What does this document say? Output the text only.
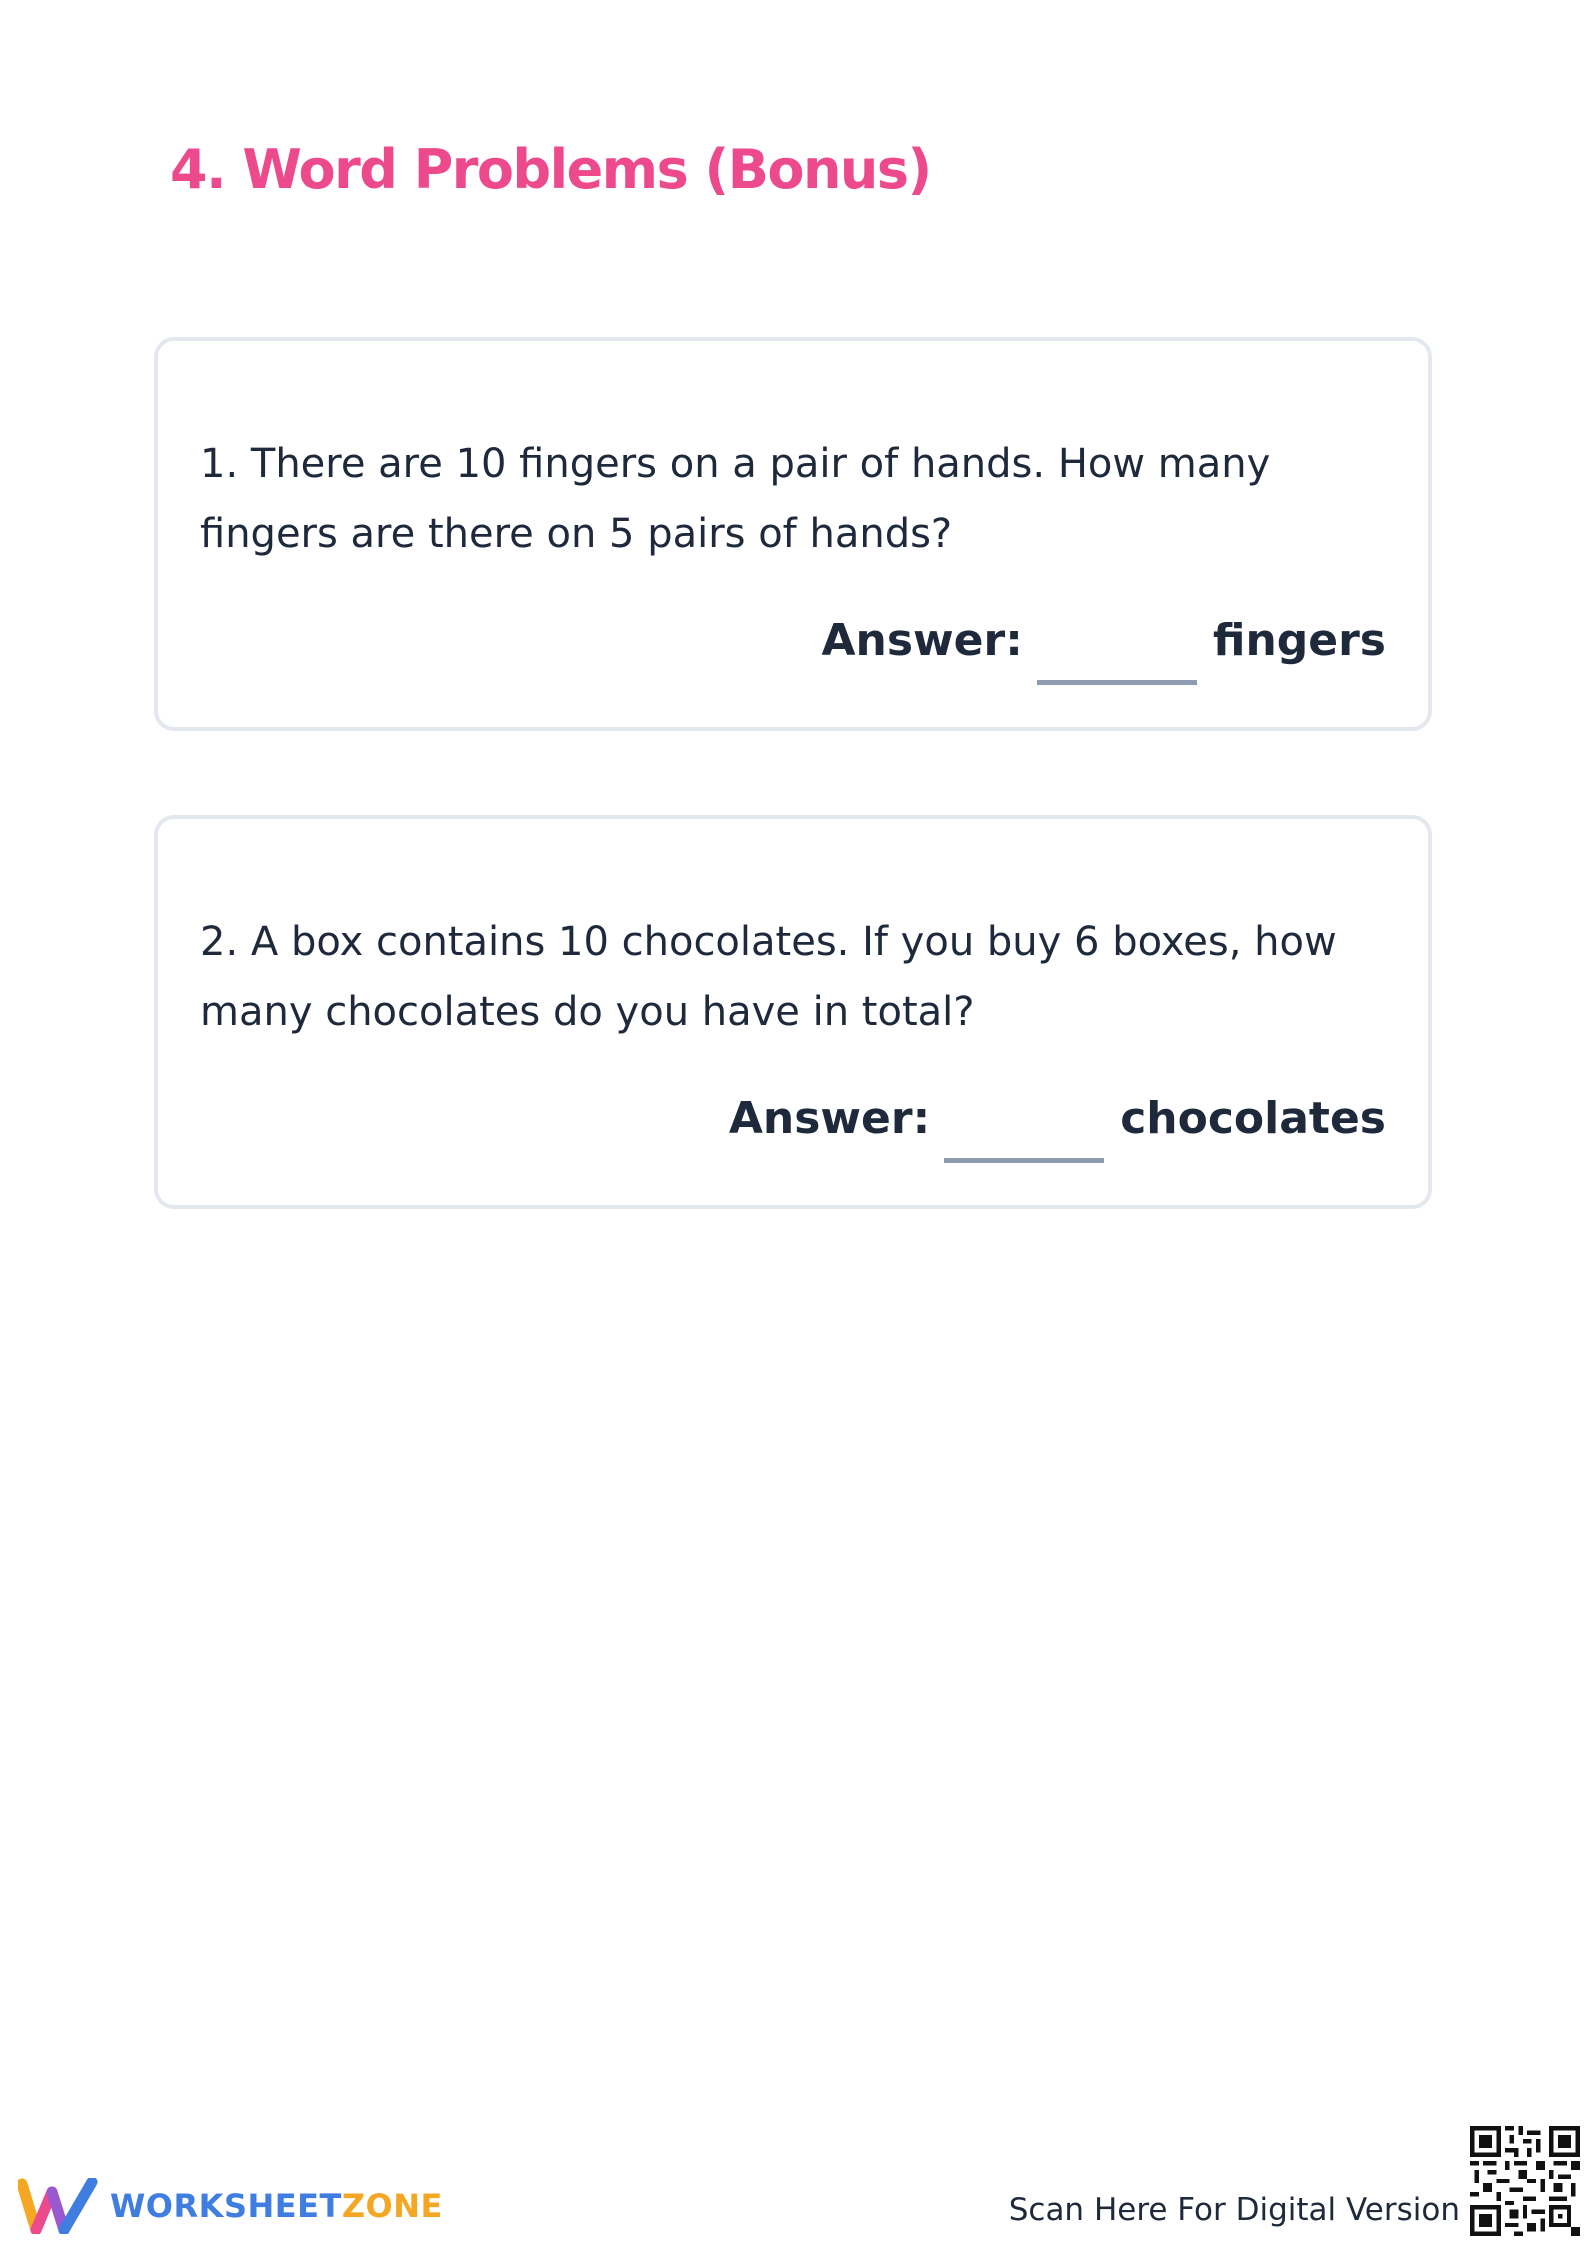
4. Word Problems (Bonus)

1. There are 10 fingers on a pair of hands. How many fingers are there on 5 pairs of hands?

Answer:	fingers

2. A box contains 10 chocolates. If you buy 6 boxes, how many chocolates do you have in total?

Answer:	chocolates
WORKSHEETZONE	Scan Here For Digital Version
